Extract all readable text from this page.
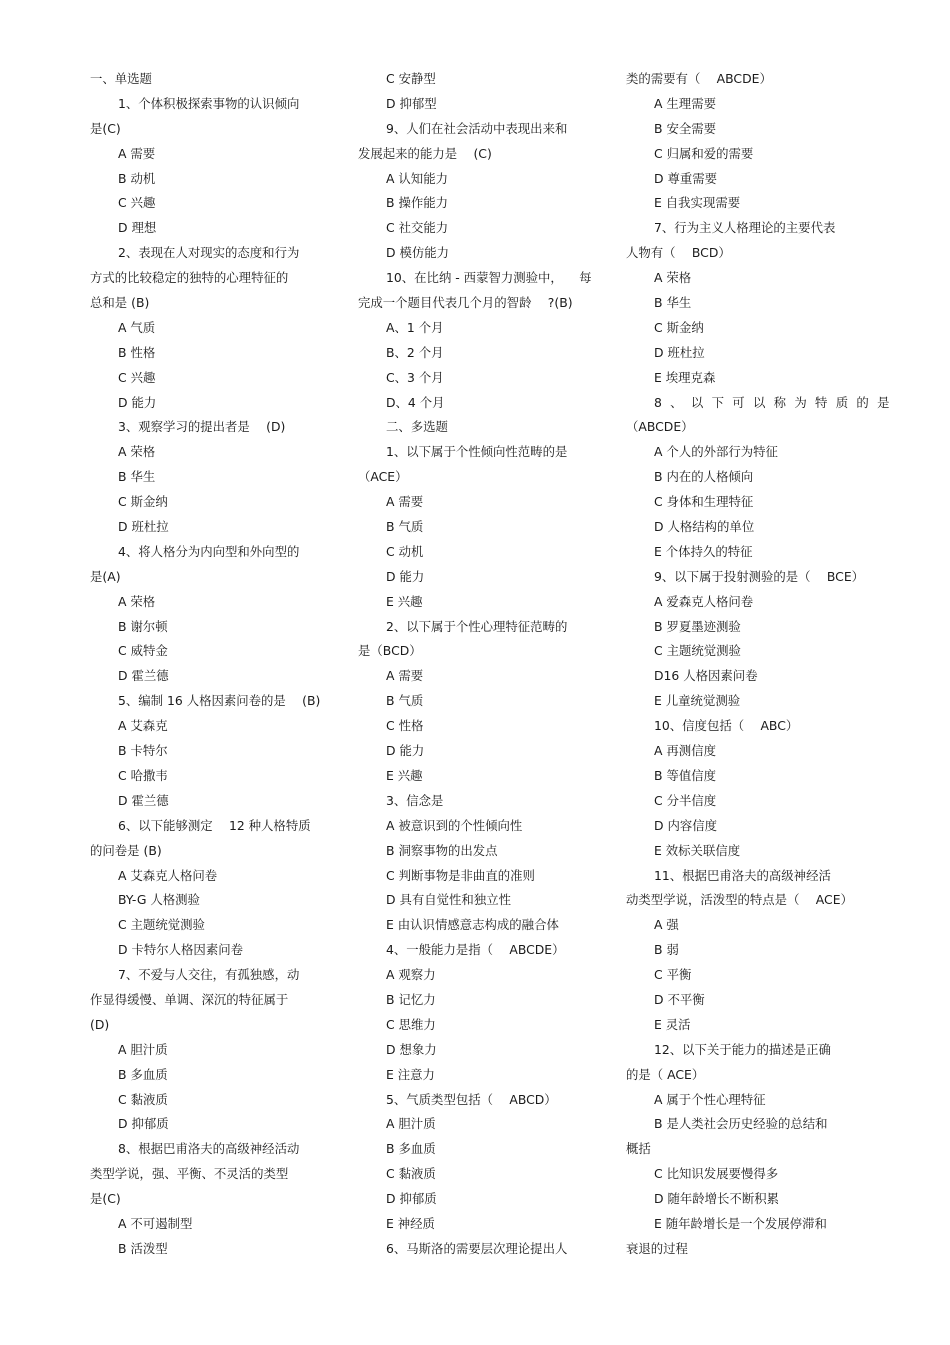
一、单选题
1、个体积极探索事物的认识倾向
是(C)
A 需要
B 动机
C 兴趣
D 理想
2、表现在人对现实的态度和行为
方式的比较稳定的独特的心理特征的
总和是 (B)
A 气质
B 性格
C 兴趣
D 能力
3、观察学习的提出者是 　(D)
A 荣格
B 华生
C 斯金纳
D 班杜拉
4、将人格分为内向型和外向型的
是(A)
A 荣格
B 谢尔顿
C 威特金
D 霍兰德
5、编制 16 人格因素问卷的是 　(B)
A 艾森克
B 卡特尔
C 哈撒韦
D 霍兰德
6、以下能够测定 　12 种人格特质
的问卷是 (B)
A 艾森克人格问卷
BY-G 人格测验
C 主题统觉测验
D 卡特尔人格因素问卷
7、不爱与人交往，有孤独感，动
作显得缓慢、单调、深沉的特征属于
(D)
A 胆汁质
B 多血质
C 黏液质
D 抑郁质
8、根据巴甫洛夫的高级神经活动
类型学说，强、平衡、不灵活的类型
是(C)
A 不可遏制型
B 活泼型
C 安静型
D 抑郁型
9、人们在社会活动中表现出来和
发展起来的能力是 　(C)
A 认知能力
B 操作能力
C 社交能力
D 模仿能力
10、在比纳 - 西蒙智力测验中， 　每
完成一个题目代表几个月的智龄 　?(B)
A、1 个月
B、2 个月
C、3 个月
D、4 个月
二、多选题
1、以下属于个性倾向性范畴的是
（ACE）
A 需要
B 气质
C 动机
D 能力
E 兴趣
2、以下属于个性心理特征范畴的
是（BCD）
A 需要
B 气质
C 性格
D 能力
E 兴趣
3、信念是
A 被意识到的个性倾向性
B 洞察事物的出发点
C 判断事物是非曲直的准则
D 具有自觉性和独立性
E 由认识情感意志构成的融合体
4、一般能力是指（ 　ABCDE）
A 观察力
B 记忆力
C 思维力
D 想象力
E 注意力
5、气质类型包括（ 　ABCD）
A 胆汁质
B 多血质
C 黏液质
D 抑郁质
E 神经质
6、马斯洛的需要层次理论提出人
类的需要有（ 　ABCDE）
A 生理需要
B 安全需要
C 归属和爱的需要
D 尊重需要
E 自我实现需要
7、行为主义人格理论的主要代表
人物有（ 　BCD）
A 荣格
B 华生
C 斯金纳
D 班杜拉
E 埃理克森
8、以下可以称为特质的是
（ABCDE）
A 个人的外部行为特征
B 内在的人格倾向
C 身体和生理特征
D 人格结构的单位
E 个体持久的特征
9、以下属于投射测验的是（ 　BCE）
A 爱森克人格问卷
B 罗夏墨迹测验
C 主题统觉测验
D16 人格因素问卷
E 儿童统觉测验
10、信度包括（ 　ABC）
A 再测信度
B 等值信度
C 分半信度
D 内容信度
E 效标关联信度
11、根据巴甫洛夫的高级神经活
动类型学说，活泼型的特点是（ 　ACE）
A 强
B 弱
C 平衡
D 不平衡
E 灵活
12、以下关于能力的描述是正确
的是（ ACE）
A 属于个性心理特征
B 是人类社会历史经验的总结和
概括
C 比知识发展要慢得多
D 随年龄增长不断积累
E 随年龄增长是一个发展停滞和
衰退的过程
